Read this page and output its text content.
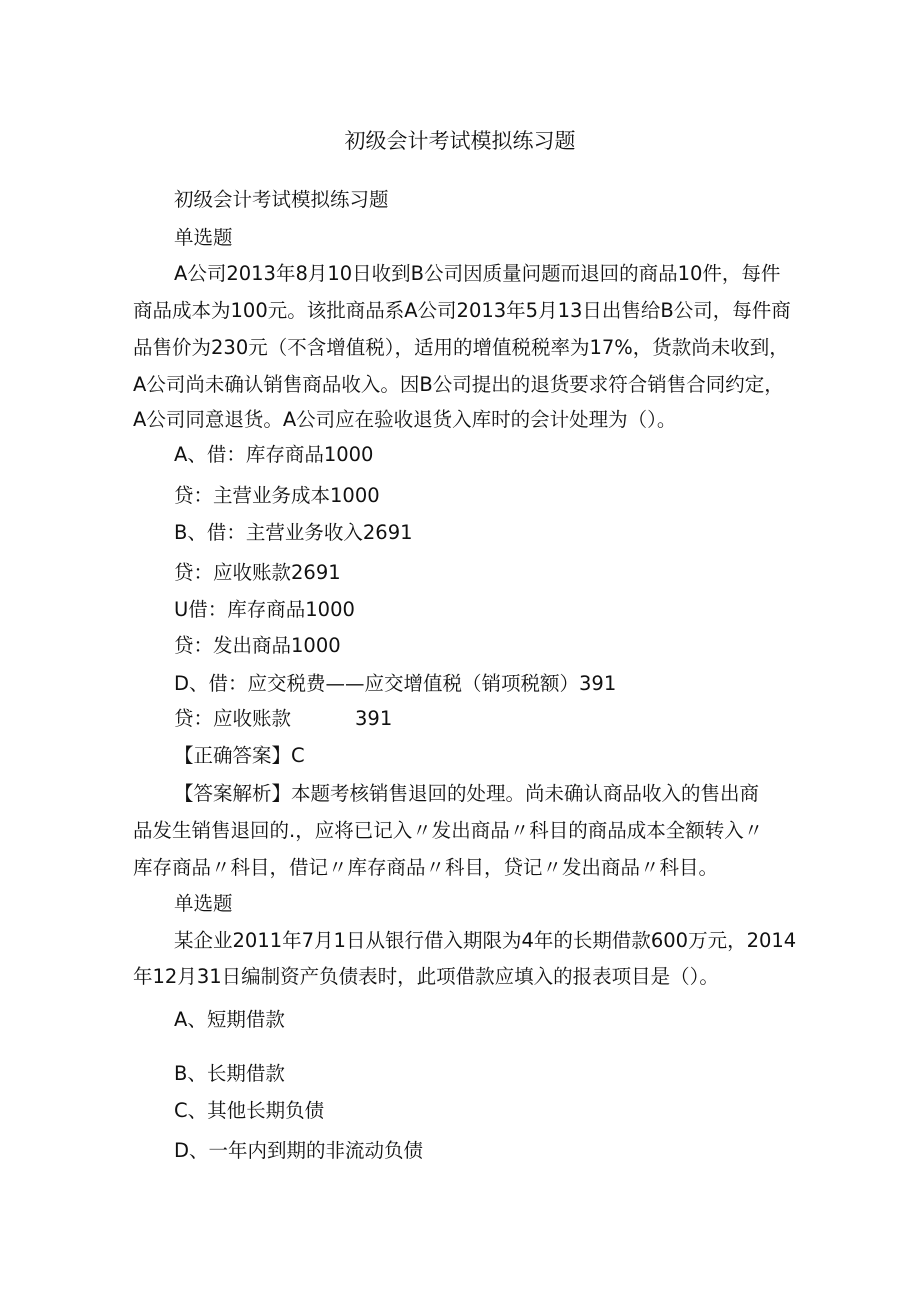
初级会计考试模拟练习题
初级会计考试模拟练习题
单选题
A公司2013年8月10日收到B公司因质量问题而退回的商品10件，每件
商品成本为100元。该批商品系A公司2013年5月13日出售给B公司，每件商
品售价为230元（不含增值税），适用的增值税税率为17%，货款尚未收到，
A公司尚未确认销售商品收入。因B公司提出的退货要求符合销售合同约定，
A公司同意退货。A公司应在验收退货入库时的会计处理为（）。
A、借：库存商品1000
贷：主营业务成本1000
B、借：主营业务收入2691
贷：应收账款2691
U借：库存商品1000
贷：发出商品1000
D、借：应交税费——应交增值税（销项税额）391
贷：应收账款	391
【正确答案】C
【答案解析】本题考核销售退回的处理。尚未确认商品收入的售出商
品发生销售退回的.，应将已记入〃发出商品〃科目的商品成本全额转入〃
库存商品〃科目，借记〃库存商品〃科目，贷记〃发出商品〃科目。
单选题
某企业2011年7月1日从银行借入期限为4年的长期借款600万元，2014
年12月31日编制资产负债表时，此项借款应填入的报表项目是（）。
A、短期借款
B、长期借款
C、其他长期负债
D、一年内到期的非流动负债
